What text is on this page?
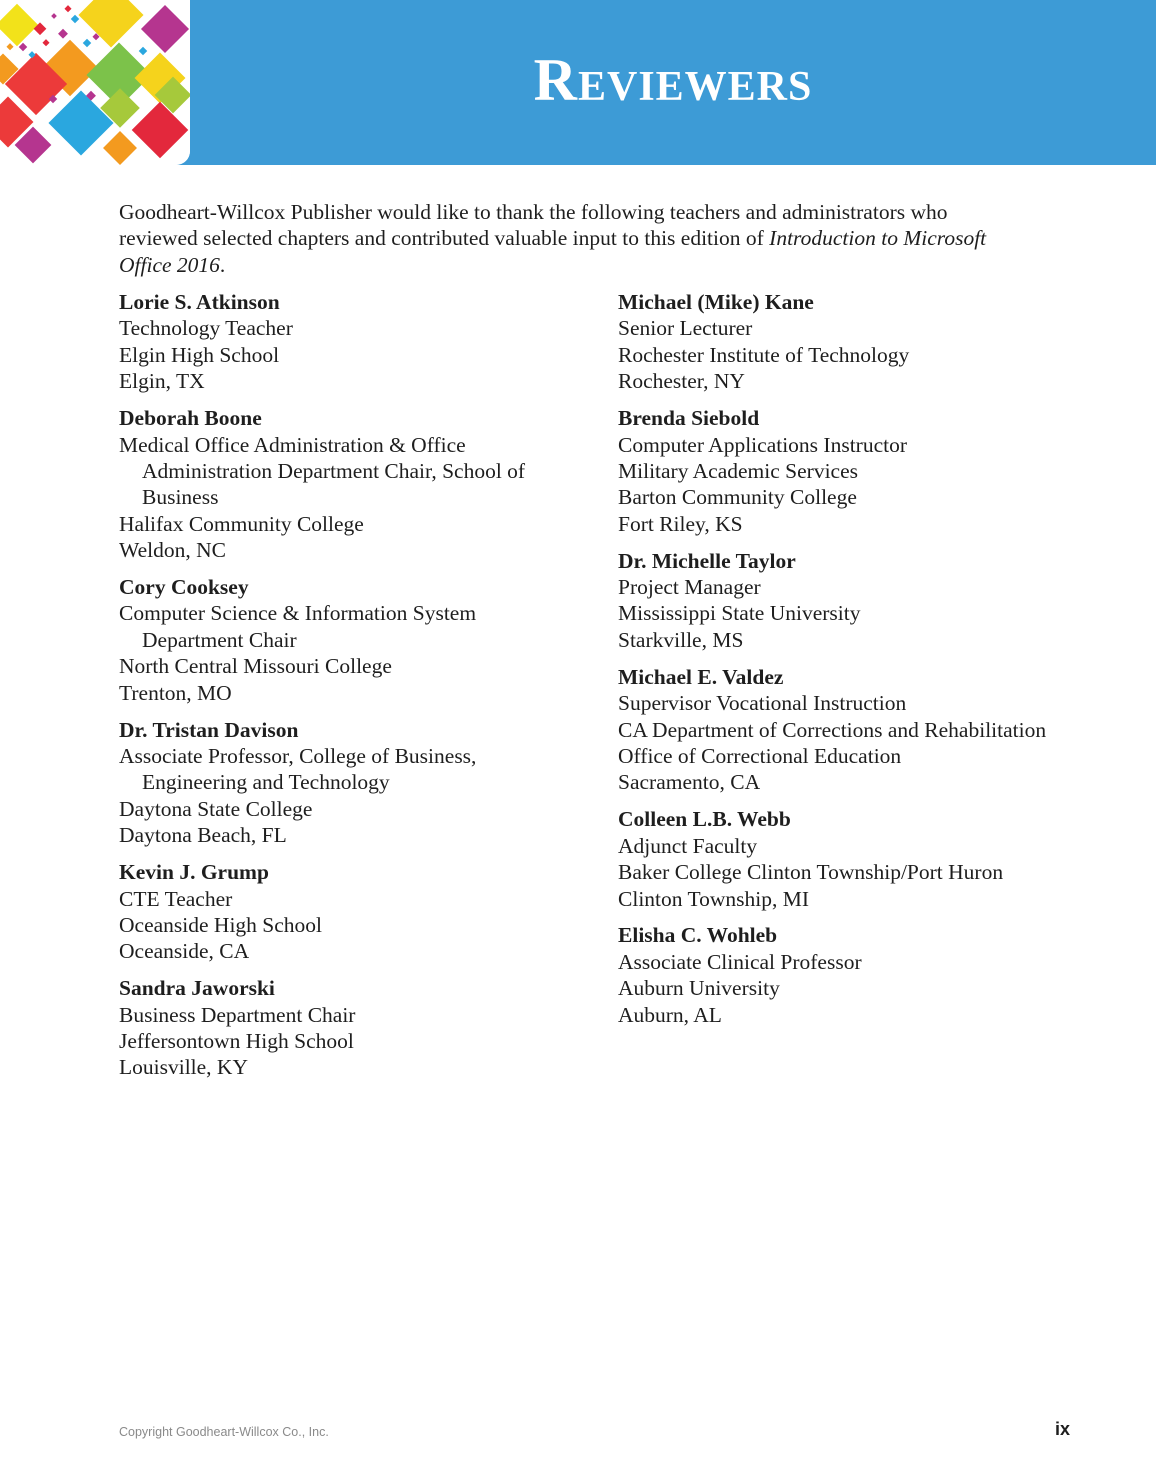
Reviewers
Goodheart-Willcox Publisher would like to thank the following teachers and administrators who reviewed selected chapters and contributed valuable input to this edition of Introduction to Microsoft Office 2016.
Lorie S. Atkinson
Technology Teacher
Elgin High School
Elgin, TX
Deborah Boone
Medical Office Administration & Office Administration Department Chair, School of Business
Halifax Community College
Weldon, NC
Cory Cooksey
Computer Science & Information System Department Chair
North Central Missouri College
Trenton, MO
Dr. Tristan Davison
Associate Professor, College of Business, Engineering and Technology
Daytona State College
Daytona Beach, FL
Kevin J. Grump
CTE Teacher
Oceanside High School
Oceanside, CA
Sandra Jaworski
Business Department Chair
Jeffersontown High School
Louisville, KY
Michael (Mike) Kane
Senior Lecturer
Rochester Institute of Technology
Rochester, NY
Brenda Siebold
Computer Applications Instructor
Military Academic Services
Barton Community College
Fort Riley, KS
Dr. Michelle Taylor
Project Manager
Mississippi State University
Starkville, MS
Michael E. Valdez
Supervisor Vocational Instruction
CA Department of Corrections and Rehabilitation
Office of Correctional Education
Sacramento, CA
Colleen L.B. Webb
Adjunct Faculty
Baker College Clinton Township/Port Huron
Clinton Township, MI
Elisha C. Wohleb
Associate Clinical Professor
Auburn University
Auburn, AL
Copyright Goodheart-Willcox Co., Inc.	ix
